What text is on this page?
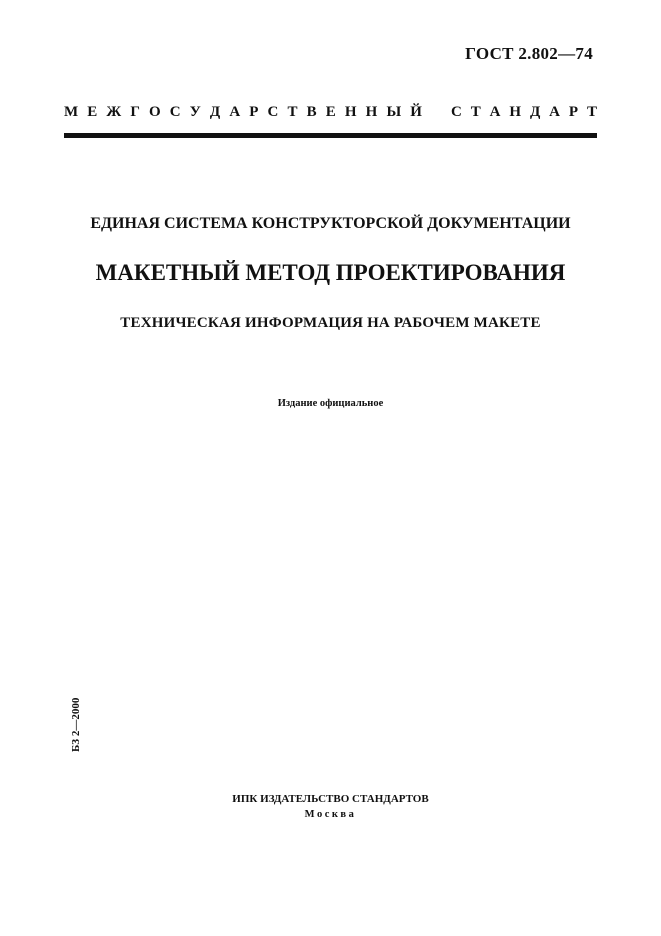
ГОСТ 2.802—74
М Е Ж Г О С У Д А Р С Т В Е Н Н Ы Й С Т А Н Д А Р Т
ЕДИНАЯ СИСТЕМА КОНСТРУКТОРСКОЙ ДОКУМЕНТАЦИИ
МАКЕТНЫЙ МЕТОД ПРОЕКТИРОВАНИЯ
ТЕХНИЧЕСКАЯ ИНФОРМАЦИЯ НА РАБОЧЕМ МАКЕТЕ
Издание официальное
БЗ 2—2000
ИПК ИЗДАТЕЛЬСТВО СТАНДАРТОВ
Москва
